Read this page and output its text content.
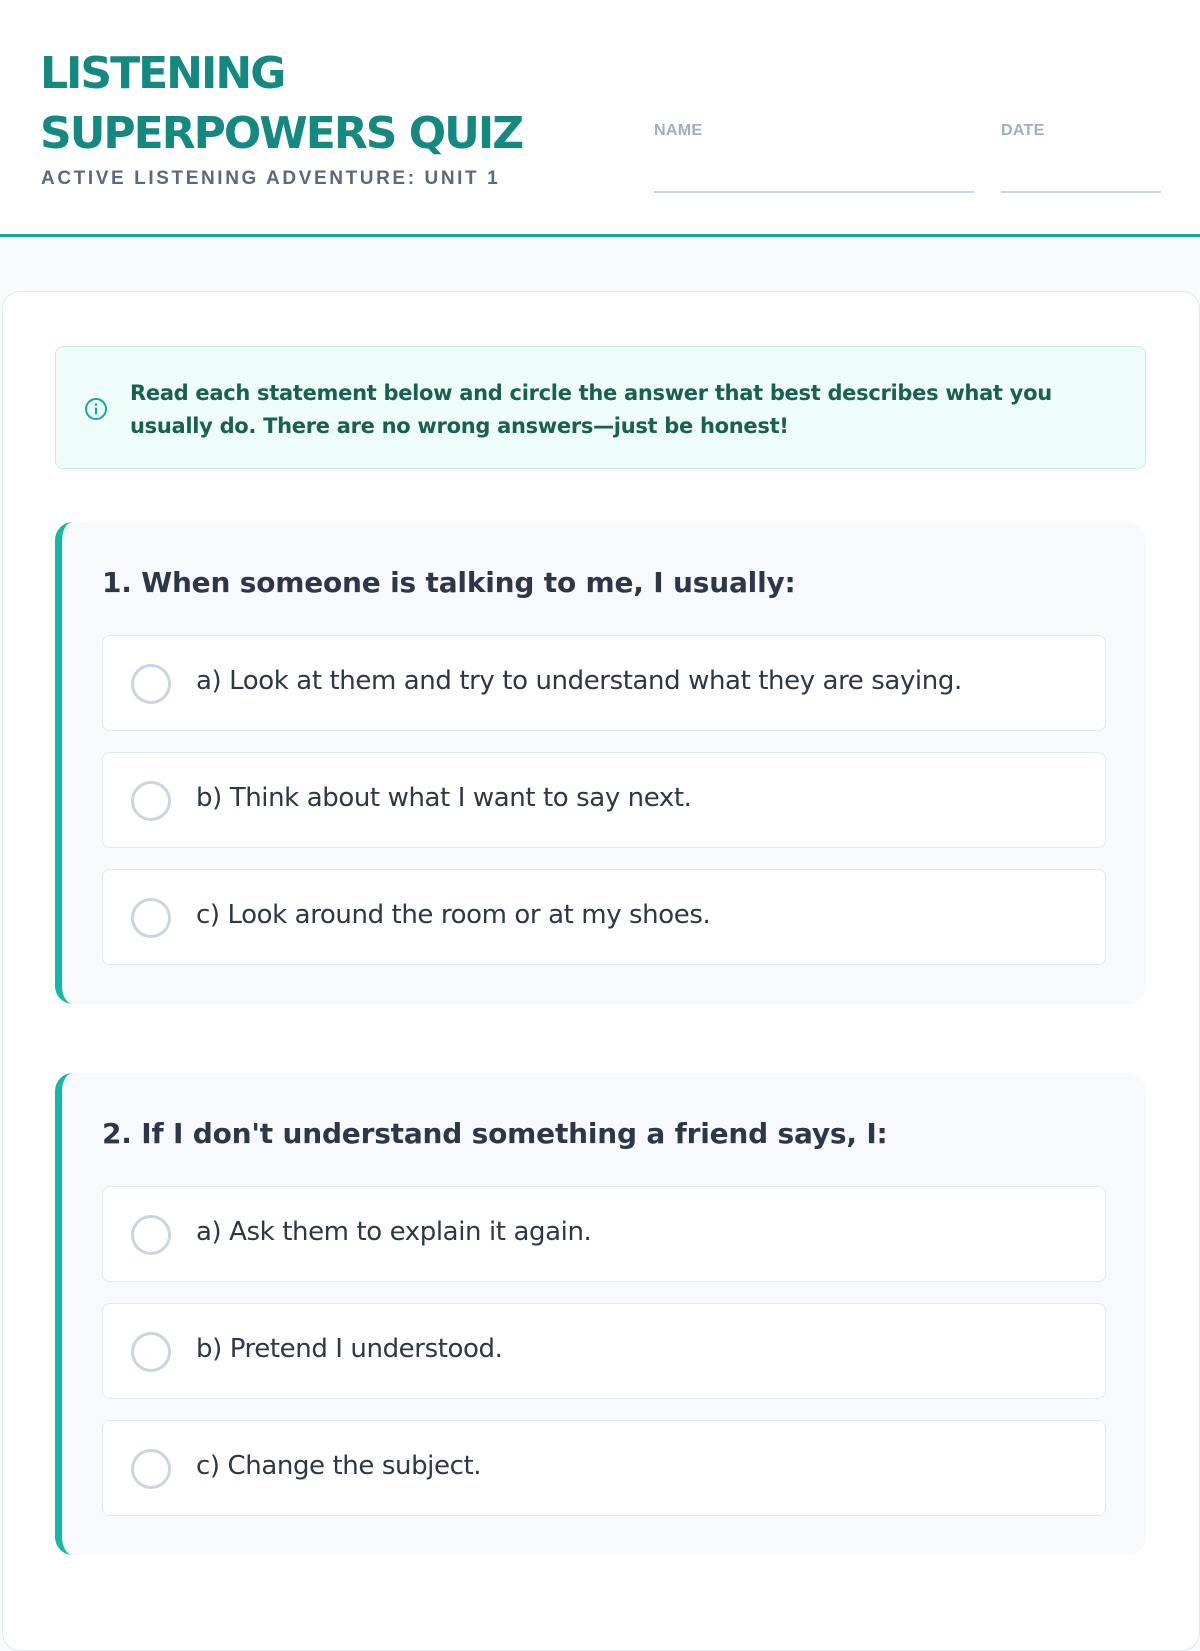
LISTENING SUPERPOWERS QUIZ
ACTIVE LISTENING ADVENTURE: UNIT 1
NAME	DATE

Read each statement below and circle the answer that best describes what you usually do. There are no wrong answers—just be honest!

1. When someone is talking to me, I usually:
a) Look at them and try to understand what they are saying.
b) Think about what I want to say next.
c) Look around the room or at my shoes.
2. If I don't understand something a friend says, I:
a) Ask them to explain it again.
b) Pretend I understood.
c) Change the subject.
